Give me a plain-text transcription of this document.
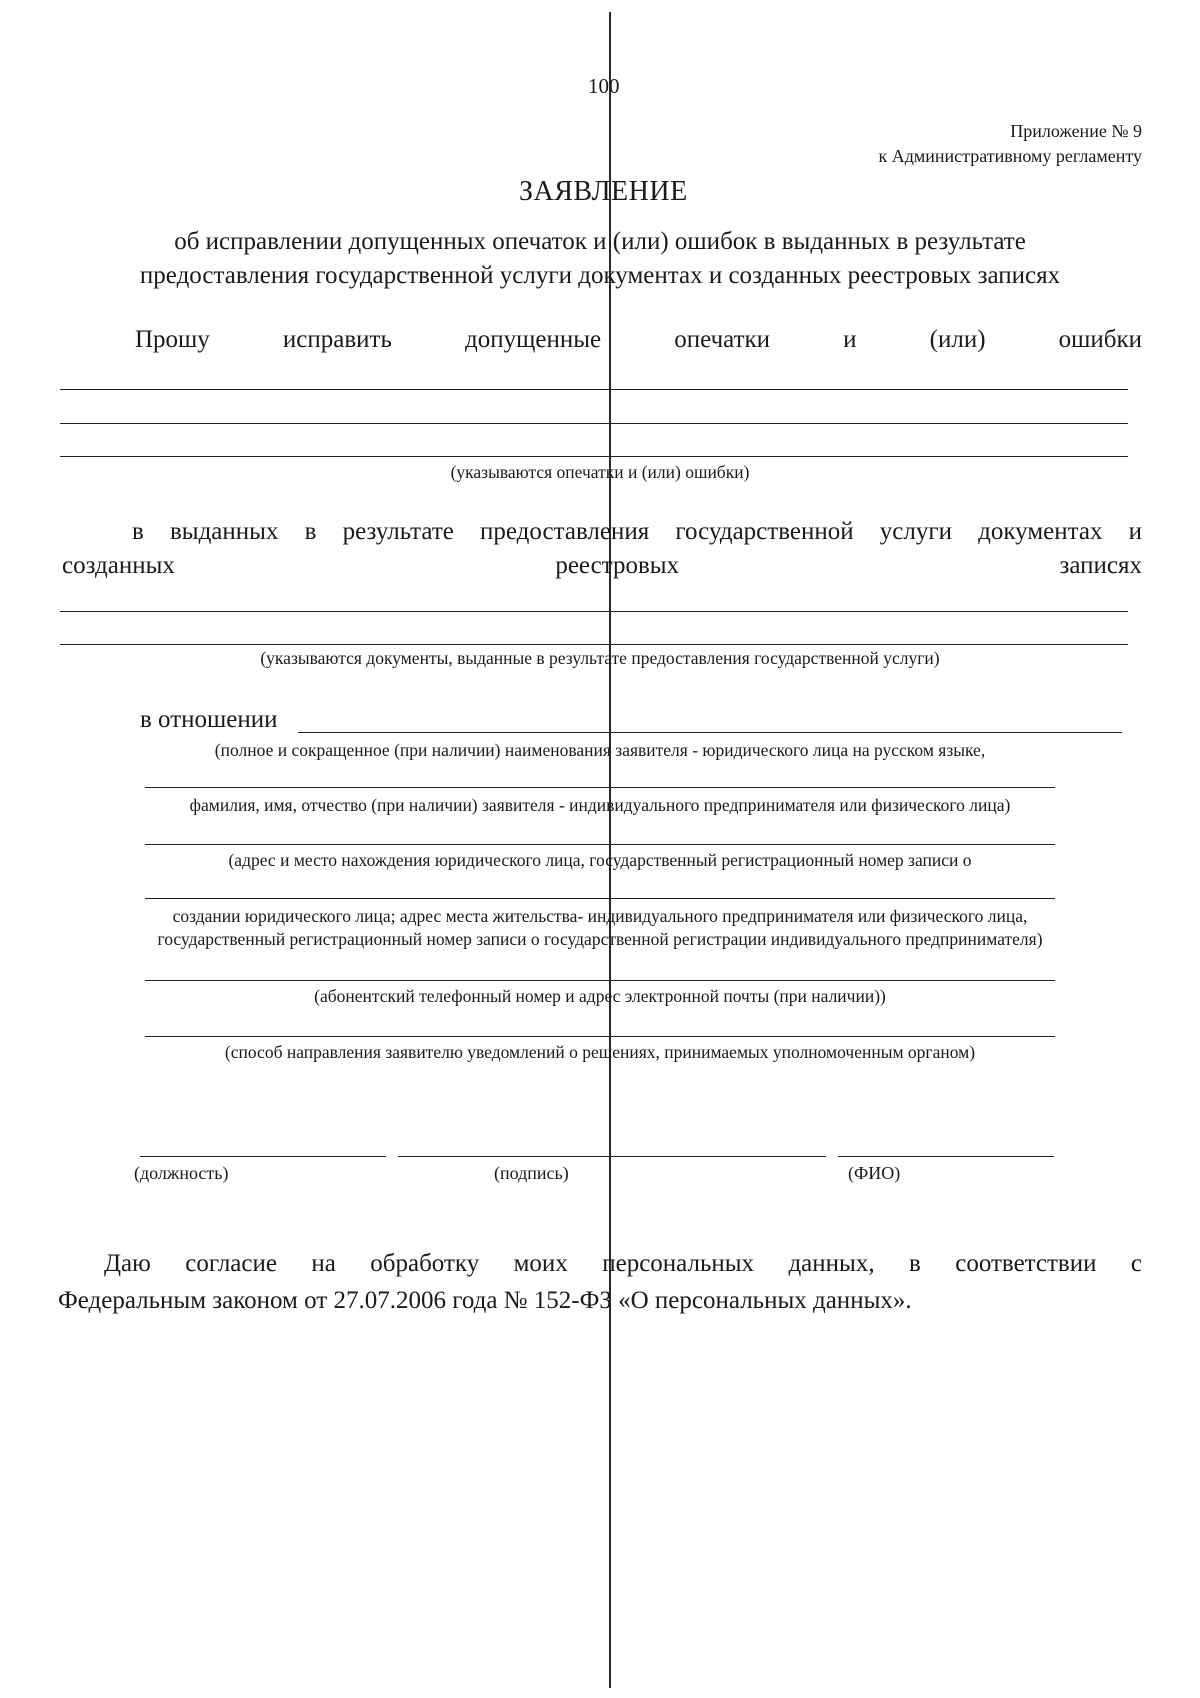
100
Приложение № 9
к Административному регламенту
ЗАЯВЛЕНИЕ
об исправлении допущенных опечаток и (или) ошибок в выданных в результате
предоставления государственной услуги документах и созданных реестровых записях
Прошу	исправить	допущенные	опечатки	и	(или)	ошибки
(указываются опечатки и (или) ошибки)
в выданных в результате предоставления государственной услуги документах и
созданных	реестровых	записях
(указываются документы, выданные в результате предоставления государственной услуги)
в отношении
(полное и сокращенное (при наличии) наименования заявителя - юридического лица на русском языке,
фамилия, имя, отчество (при наличии) заявителя - индивидуального предпринимателя или физического лица)
(адрес и место нахождения юридического лица, государственный регистрационный номер записи о
создании юридического лица; адрес места жительства- индивидуального предпринимателя или физического лица,
государственный регистрационный номер записи о государственной регистрации индивидуального предпринимателя)
(абонентский телефонный номер и адрес электронной почты (при наличии))
(способ направления заявителю уведомлений о решениях, принимаемых уполномоченным органом)
(должность)	(подпись)	(ФИО)
Даю согласие на обработку моих персональных данных, в соответствии с
Федеральным законом от 27.07.2006 года № 152-ФЗ «О персональных данных».
